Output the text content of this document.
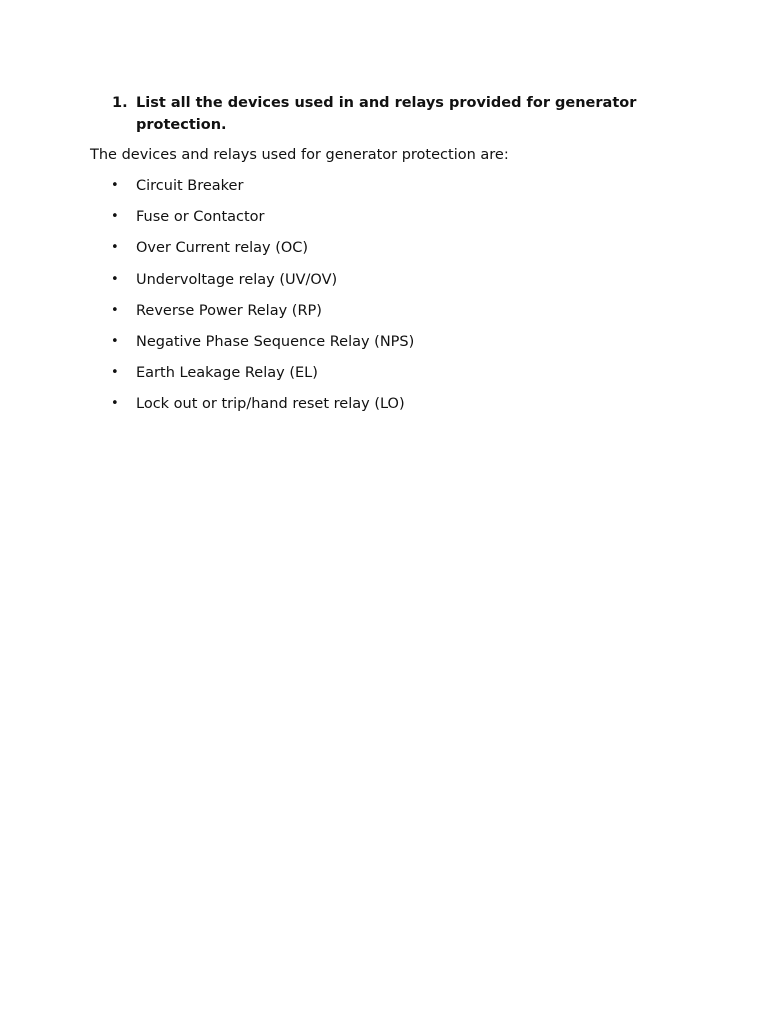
1. List all the devices used in and relays provided for generator protection.
The devices and relays used for generator protection are:
• Circuit Breaker
• Fuse or Contactor
• Over Current relay (OC)
• Undervoltage relay (UV/OV)
• Reverse Power Relay (RP)
• Negative Phase Sequence Relay (NPS)
• Earth Leakage Relay (EL)
• Lock out or trip/hand reset relay (LO)
